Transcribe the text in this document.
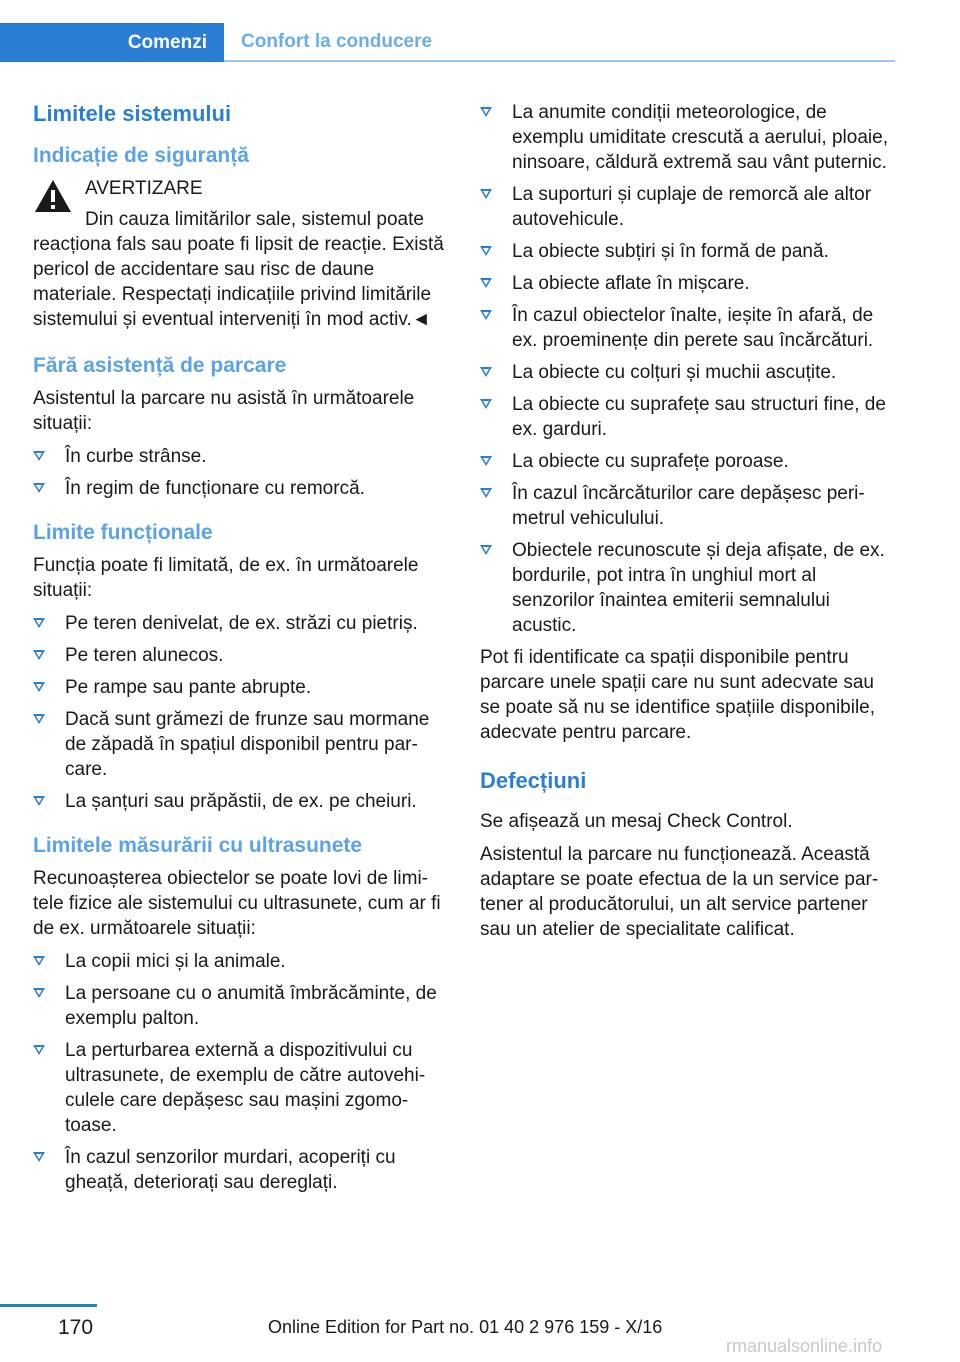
Comenzi	Confort la conducere
Limitele sistemului
Indicație de siguranță
AVERTIZARE
Din cauza limitărilor sale, sistemul poate reacționa fals sau poate fi lipsit de reacție. Există pericol de accidentare sau risc de daune materiale. Respectați indicațiile privind limitările sistemului și eventual interveniți în mod activ.◄
Fără asistență de parcare

Asistentul la parcare nu asistă în următoarele situații:

În curbe strânse.
În regim de funcționare cu remorcă.
Limite funcționale

Funcția poate fi limitată, de ex. în următoarele situații:

Pe teren denivelat, de ex. străzi cu pietriș.
Pe teren alunecos.
Pe rampe sau pante abrupte.
Dacă sunt grămezi de frunze sau mormane de zăpadă în spațiul disponibil pentru parcare.
La șanțuri sau prăpăstii, de ex. pe cheiuri.
Limitele măsurării cu ultrasunete

Recunoașterea obiectelor se poate lovi de limitele fizice ale sistemului cu ultrasunete, cum ar fi de ex. următoarele situații:

La copii mici și la animale.
La persoane cu o anumită îmbrăcăminte, de exemplu palton.
La perturbarea externă a dispozitivului cu ultrasunete, de exemplu de către autovehiculele care depășesc sau mașini zgomotoase.
În cazul senzorilor murdari, acoperiți cu gheață, deteriorați sau dereglați.
La anumite condiții meteorologice, de exemplu umiditate crescută a aerului, ploaie, ninsoare, căldură extremă sau vânt puternic.
La suporturi și cuplaje de remorcă ale altor autovehicule.
La obiecte subțiri și în formă de pană.
La obiecte aflate în mișcare.
În cazul obiectelor înalte, ieșite în afară, de ex. proeminențe din perete sau încărcături.
La obiecte cu colțuri și muchii ascuțite.
La obiecte cu suprafețe sau structuri fine, de ex. garduri.
La obiecte cu suprafețe poroase.
În cazul încărcăturilor care depășesc perimetrul vehiculului.
Obiectele recunoscute și deja afișate, de ex. bordurile, pot intra în unghiul mort al senzorilor înaintea emiterii semnalului acustic.

Pot fi identificate ca spații disponibile pentru parcare unele spații care nu sunt adecvate sau se poate să nu se identifice spațiile disponibile, adecvate pentru parcare.

Defecțiuni

Se afișează un mesaj Check Control.

Asistentul la parcare nu funcționează. Această adaptare se poate efectua de la un service partener al producătorului, un alt service partener sau un atelier de specialitate calificat.

170	Online Edition for Part no. 01 40 2 976 159 - X/16
rmanualsonline.info
